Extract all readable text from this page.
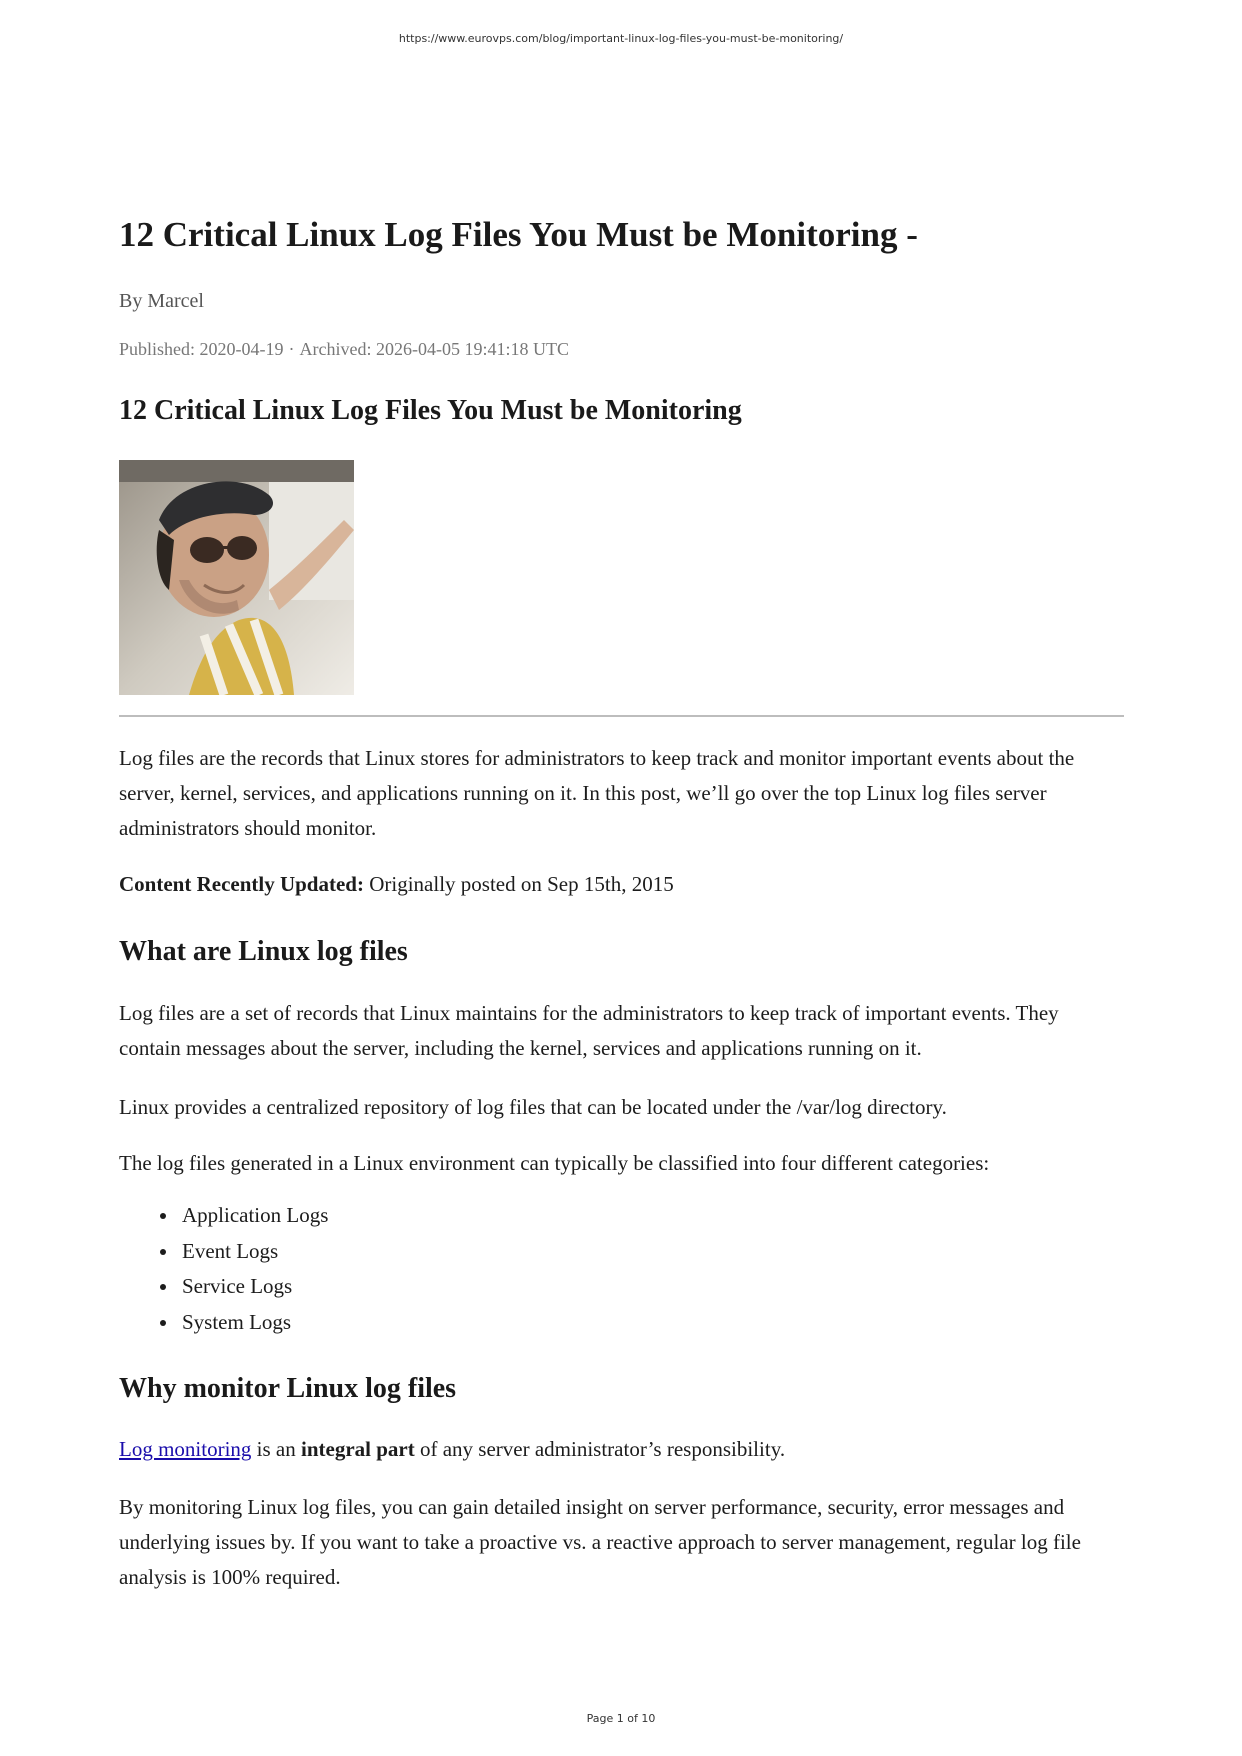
https://www.eurovps.com/blog/important-linux-log-files-you-must-be-monitoring/
12 Critical Linux Log Files You Must be Monitoring -

By Marcel

Published: 2020-04-19 · Archived: 2026-04-05 19:41:18 UTC

12 Critical Linux Log Files You Must be Monitoring

Log files are the records that Linux stores for administrators to keep track and monitor important events about the server, kernel, services, and applications running on it. In this post, we’ll go over the top Linux log files server administrators should monitor.

Content Recently Updated: Originally posted on Sep 15th, 2015

What are Linux log files

Log files are a set of records that Linux maintains for the administrators to keep track of important events. They contain messages about the server, including the kernel, services and applications running on it.

Linux provides a centralized repository of log files that can be located under the /var/log directory.

The log files generated in a Linux environment can typically be classified into four different categories:

Application Logs
Event Logs
Service Logs
System Logs
Why monitor Linux log files

Log monitoring is an integral part of any server administrator’s responsibility.

By monitoring Linux log files, you can gain detailed insight on server performance, security, error messages and underlying issues by. If you want to take a proactive vs. a reactive approach to server management, regular log file analysis is 100% required.

Page 1 of 10
